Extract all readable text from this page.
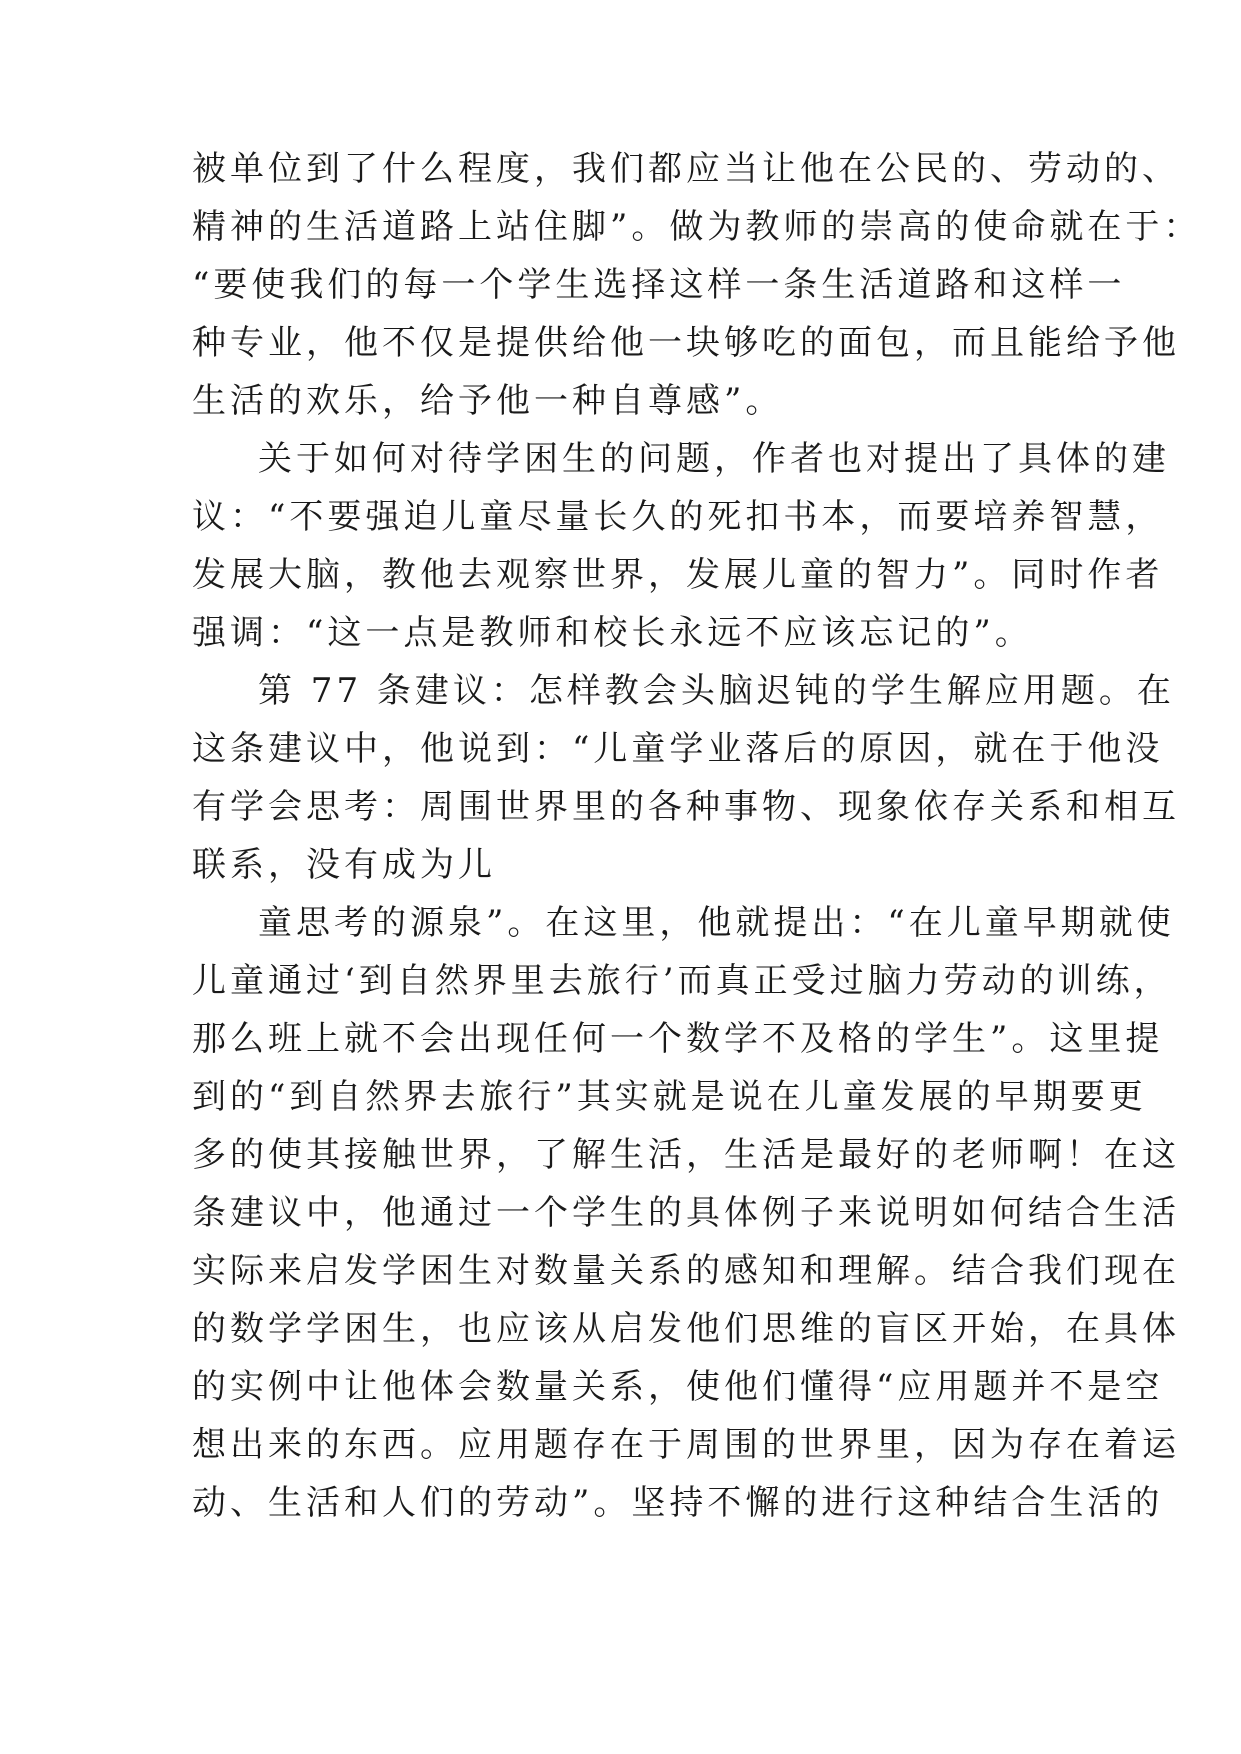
被单位到了什么程度，我们都应当让他在公民的、劳动的、
精神的生活道路上站住脚”。做为教师的崇高的使命就在于：
“要使我们的每一个学生选择这样一条生活道路和这样一
种专业，他不仅是提供给他一块够吃的面包，而且能给予他
生活的欢乐，给予他一种自尊感”。
关于如何对待学困生的问题，作者也对提出了具体的建
议：“不要强迫儿童尽量长久的死扣书本，而要培养智慧，
发展大脑，教他去观察世界，发展儿童的智力”。同时作者
强调：“这一点是教师和校长永远不应该忘记的”。
第 77 条建议：怎样教会头脑迟钝的学生解应用题。在
这条建议中，他说到：“儿童学业落后的原因，就在于他没
有学会思考：周围世界里的各种事物、现象依存关系和相互
联系，没有成为儿
童思考的源泉”。在这里，他就提出：“在儿童早期就使
儿童通过‘到自然界里去旅行’而真正受过脑力劳动的训练，
那么班上就不会出现任何一个数学不及格的学生”。这里提
到的“到自然界去旅行”其实就是说在儿童发展的早期要更
多的使其接触世界，了解生活，生活是最好的老师啊！在这
条建议中，他通过一个学生的具体例子来说明如何结合生活
实际来启发学困生对数量关系的感知和理解。结合我们现在
的数学学困生，也应该从启发他们思维的盲区开始，在具体
的实例中让他体会数量关系，使他们懂得“应用题并不是空
想出来的东西。应用题存在于周围的世界里，因为存在着运
动、生活和人们的劳动”。坚持不懈的进行这种结合生活的
